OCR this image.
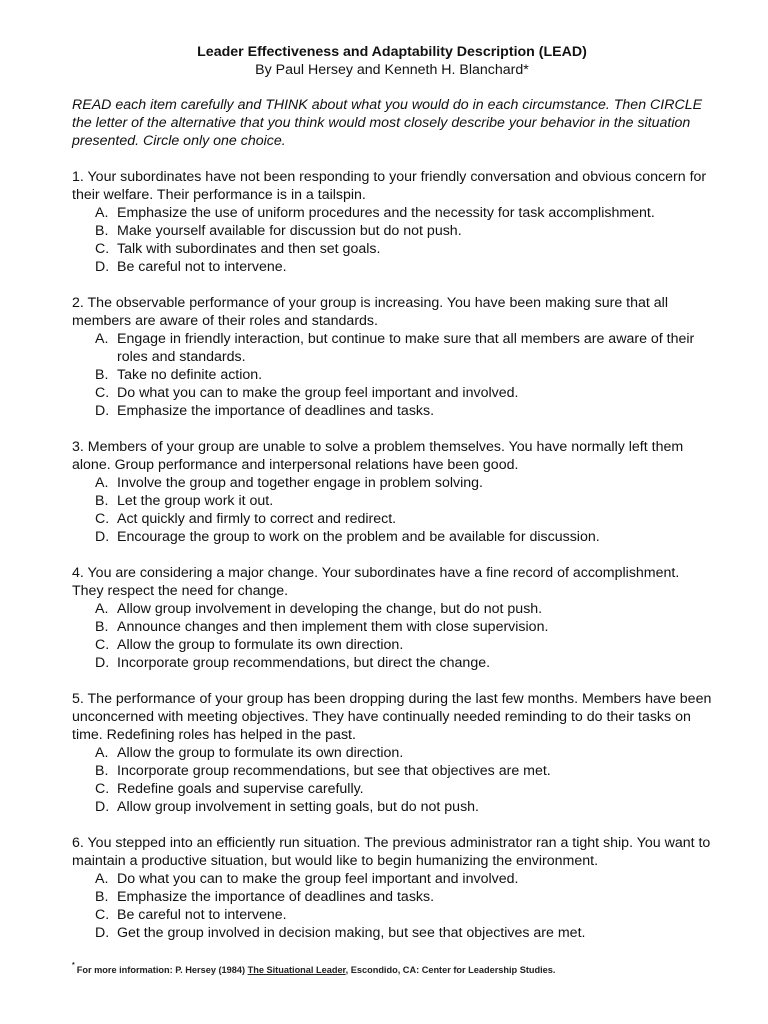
Leader Effectiveness and Adaptability Description (LEAD)

By Paul Hersey and Kenneth H. Blanchard*

READ each item carefully and THINK about what you would do in each circumstance. Then CIRCLE the letter of the alternative that you think would most closely describe your behavior in the situation presented. Circle only one choice.

1. Your subordinates have not been responding to your friendly conversation and obvious concern for their welfare. Their performance is in a tailspin.

A. Emphasize the use of uniform procedures and the necessity for task accomplishment.
B. Make yourself available for discussion but do not push.
C. Talk with subordinates and then set goals.
D. Be careful not to intervene.

2. The observable performance of your group is increasing. You have been making sure that all members are aware of their roles and standards.

A. Engage in friendly interaction, but continue to make sure that all members are aware of their roles and standards.
B. Take no definite action.
C. Do what you can to make the group feel important and involved.
D. Emphasize the importance of deadlines and tasks.

3. Members of your group are unable to solve a problem themselves. You have normally left them alone. Group performance and interpersonal relations have been good.

A. Involve the group and together engage in problem solving.
B. Let the group work it out.
C. Act quickly and firmly to correct and redirect.
D. Encourage the group to work on the problem and be available for discussion.

4. You are considering a major change. Your subordinates have a fine record of accomplishment. They respect the need for change.

A. Allow group involvement in developing the change, but do not push.
B. Announce changes and then implement them with close supervision.
C. Allow the group to formulate its own direction.
D. Incorporate group recommendations, but direct the change.

5. The performance of your group has been dropping during the last few months. Members have been unconcerned with meeting objectives. They have continually needed reminding to do their tasks on time. Redefining roles has helped in the past.

A. Allow the group to formulate its own direction.
B. Incorporate group recommendations, but see that objectives are met.
C. Redefine goals and supervise carefully.
D. Allow group involvement in setting goals, but do not push.

6. You stepped into an efficiently run situation. The previous administrator ran a tight ship. You want to maintain a productive situation, but would like to begin humanizing the environment.

A. Do what you can to make the group feel important and involved.
B. Emphasize the importance of deadlines and tasks.
C. Be careful not to intervene.
D. Get the group involved in decision making, but see that objectives are met.
* For more information: P. Hersey (1984) The Situational Leader, Escondido, CA: Center for Leadership Studies.
